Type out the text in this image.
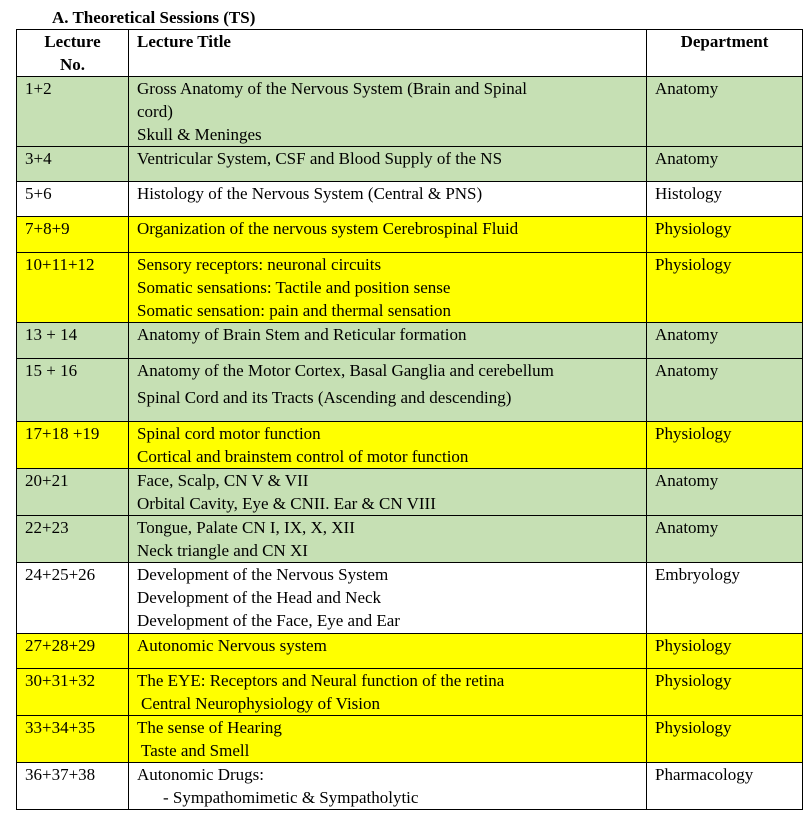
A. Theoretical Sessions (TS)
Lecture
No.	Lecture Title	Department
1+2	Gross Anatomy of the Nervous System (Brain and Spinal
cord)
Skull & Meninges	Anatomy
3+4	Ventricular System, CSF and Blood Supply of the NS	Anatomy
5+6	Histology of the Nervous System (Central & PNS)	Histology
7+8+9	Organization of the nervous system Cerebrospinal Fluid	Physiology
10+11+12	Sensory receptors: neuronal circuits
Somatic sensations: Tactile and position sense
Somatic sensation: pain and thermal sensation	Physiology
13 + 14	Anatomy of Brain Stem and Reticular formation	Anatomy
15 + 16	Anatomy of the Motor Cortex, Basal Ganglia and cerebellum
Spinal Cord and its Tracts (Ascending and descending)	Anatomy
17+18 +19	Spinal cord motor function
Cortical and brainstem control of motor function	Physiology
20+21	Face, Scalp, CN V & VII
Orbital Cavity, Eye & CNII. Ear & CN VIII	Anatomy
22+23	Tongue, Palate CN I, IX, X, XII
Neck triangle and CN XI	Anatomy
24+25+26	Development of the Nervous System
Development of the Head and Neck
Development of the Face, Eye and Ear	Embryology
27+28+29	Autonomic Nervous system	Physiology
30+31+32	The EYE: Receptors and Neural function of the retina
Central Neurophysiology of Vision	Physiology
33+34+35	The sense of Hearing
Taste and Smell	Physiology
36+37+38	Autonomic Drugs:
- Sympathomimetic & Sympatholytic	Pharmacology
